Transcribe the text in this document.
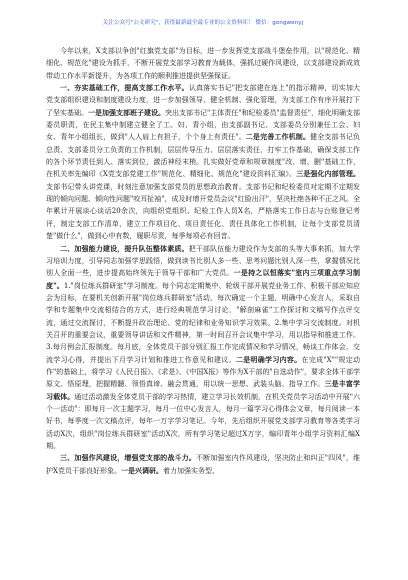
关注公众号"公文研究"，获得最新最全最专业的公文资料库！ 微信：gongwenyj

今年以来，X支部以争创"红旗党支部"为目标，进一步发挥党支部战斗堡垒作用，以"规范化、精细化、规范化"建设为抓手，不断开展党支部学习教育为载体，强抓过硬作风建设，以支部建设新成效带动工作水平新提升，为各项工作的顺利推进提供坚强保证。

一、夯实基础工作，提高支部工作水平。认真落实书记"把支部建在连上"的指示精神，切实加大党支部组织建设和制度建设力度，进一步加强领导、健全机制、强化管理，为支部工作有序开展打下了坚实基础。一是加强支部班子建设。突出支部书记"主体责任"和纪检委员"监督责任"，细化明确支部委员职责，在民主集中制建立健全了工、妇、青小组，由支部副书记、支部委员分别兼任工会、妇女、青年小组组长，做到"人人肩上有担子，个个身上有责任"。二是完善工作机制。健全支部书记负总责、支部委员分工负责的工作机制，层层传导压力、层层落实责任，打牢工作基础，确保支部工作的各个环节责任到人、落实到位，激活神经末梢。扎实做好党章和规章制度"改、增、删"基础工作，在机关率先编印《X党支部党建工作"规范化、精细化、规范化"建设资料汇编》。三是强化内部管理。支部书记带头讲党课，时刻注意加强支部党员的思想政治教育。支部书记和纪检委员对定期不定期发现的倾向问题、倾向性问题"咬耳扯袖"，成及时增开党员会议"红脸出汗"，坚决杜绝各种不正之风。全年累计开展谈心谈话20余次，向组织党组织、纪检工作人员X名，严格落实工作日志与台账登记考评，制定支部工作清单，建立工作项目化、项目责任化、责任具体化工作机制，让每个支部党员清楚"做什么"，做到心中有数，履职尽责，每季每项必有回音。

二、加强能力建设，提升队伍整体素质。把干部队伍能力建设作为支部的头等大事来抓，加大学习培训力度，引导同志加强学思践悟，做到读书比别人多一些、思考问题比别人深一些，掌握情况比别人全面一些，进步提高始终领先于领导干部和广大党员。一是持之以恒落实"室内三项重点学习制度"。1."岗位练兵群研室"学习制度。每个同志定期集中、轮级干部开展党业务工作、积极干部应知应会为目标，在要机关创新开展"岗位练兵群研室"活动，每次确定一个主题，明确中心发言人，采取自学和专题集中交流相结合的方式，进行经典规范学习讨论，"解剖麻雀"工作探讨和文稿写作点评交流，通过交流探讨，不断提升政治理论、党的纪律和业务知识学习效果。2.集中学习交流制度。对机关召开的重要会议，重要领导讲话和文件精神，第一时间召开会议集中学习，用以指导和推进工作。3.每月例会汇报制度。每月底，全体党员干部分别汇报工作完成情况和学习情况，畅谈工作体会，交流学习心得，并提出下月学习计划和推进工作意见和建议。二是明确学习内容。在完成"X""规定动作"的基础上，将学习《人民日报》、《求是》、《中国X报》等作为X干部的"自选动作"，要求全体干部学原文、悟原理，把握精髓、领悟真谛、融会贯通，用以统一思想、武装头脑、指导工作。三是丰富学习载体。通过活动激发全体党员干部的学习热情，建立学习长效机制，在机关党员学习活动中开展"六个一活动"：即每月一次主题学习，每月一位中心发言人，每月一篇学习心得体会文章，每月阅读一本好书，每季度一次文稿点评，每年一万字学习笔记。今年，先后组织开展党支部学习教育等各类学习活动X次，组织"岗位练兵群研室"活动X次，所有学习笔记超过X万字，编印青年小组学习资料汇编X期。

三、加强作风建设，增强党支部的战斗力。不断加强室内作风建设，坚决防止和纠正"四风"，维护X党员干部良好形象。一是兴调研。着力加强实务型、
